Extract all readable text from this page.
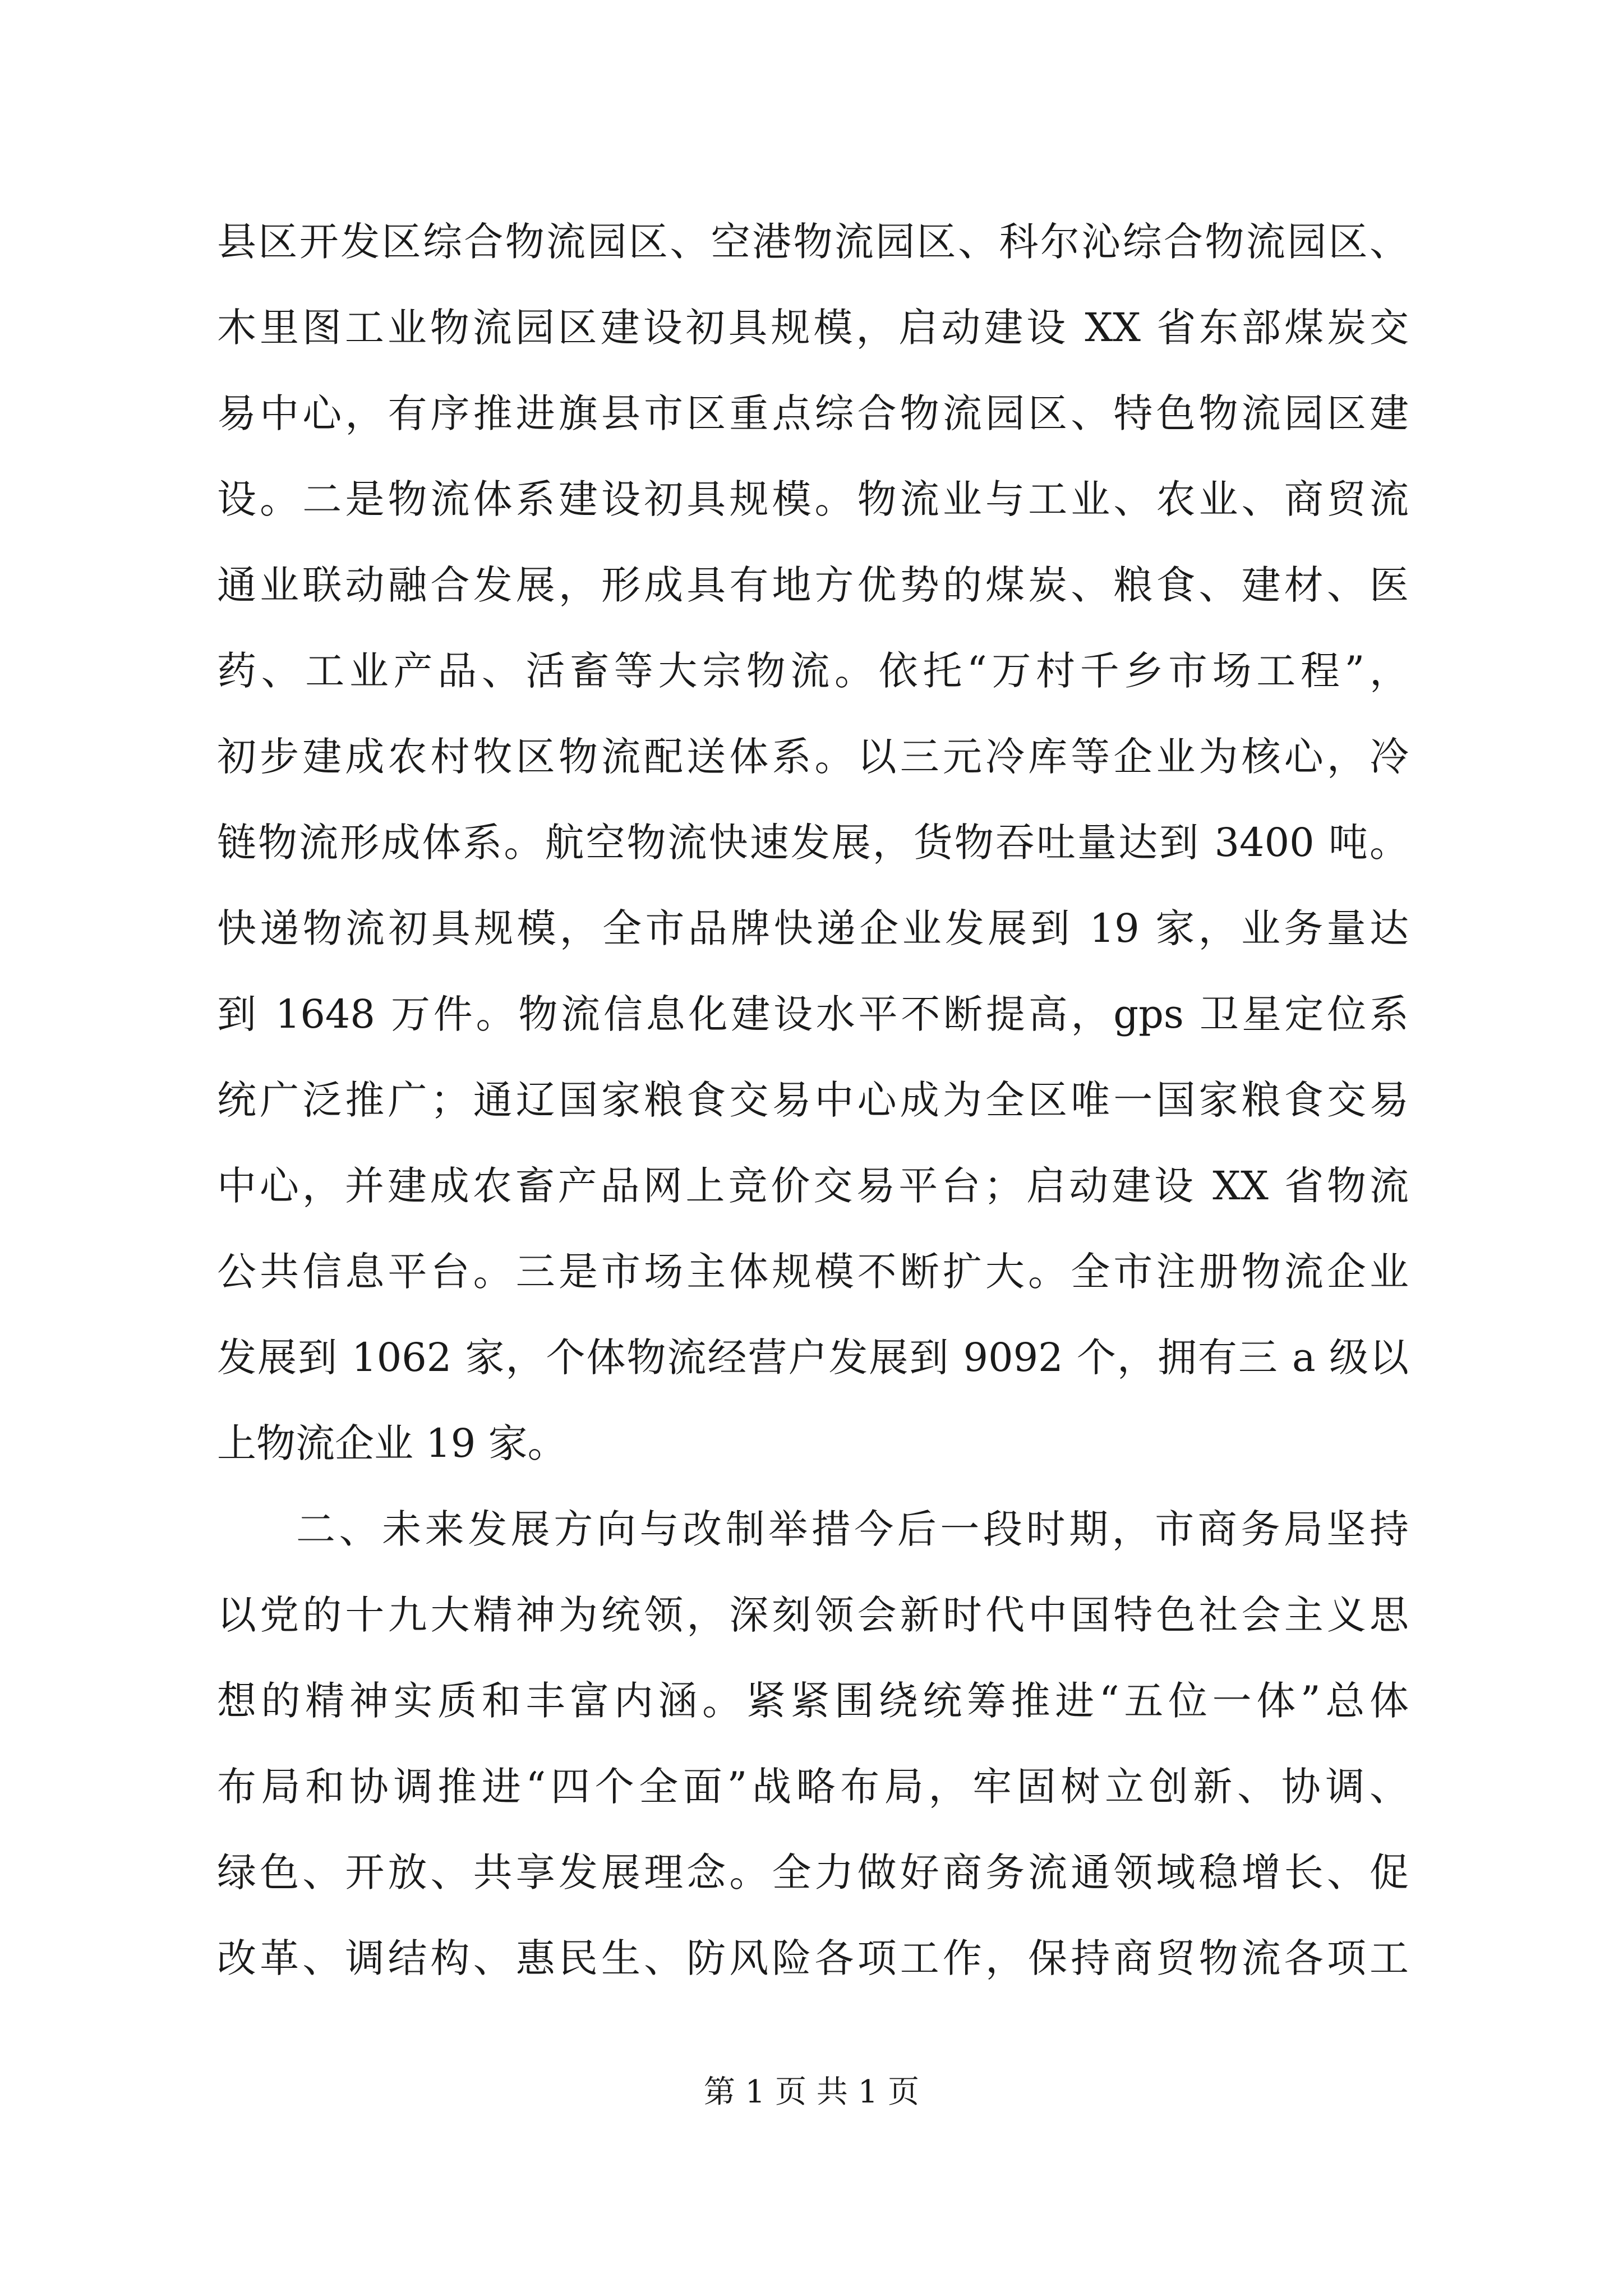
县区开发区综合物流园区、空港物流园区、科尔沁综合物流园区、
木里图工业物流园区建设初具规模，启动建设 XX 省东部煤炭交
易中心，有序推进旗县市区重点综合物流园区、特色物流园区建
设。二是物流体系建设初具规模。物流业与工业、农业、商贸流
通业联动融合发展，形成具有地方优势的煤炭、粮食、建材、医
药、工业产品、活畜等大宗物流。依托“万村千乡市场工程”，
初步建成农村牧区物流配送体系。以三元冷库等企业为核心，冷
链物流形成体系。航空物流快速发展，货物吞吐量达到 3400 吨。
快递物流初具规模，全市品牌快递企业发展到 19 家，业务量达
到 1648 万件。物流信息化建设水平不断提高，gps 卫星定位系
统广泛推广；通辽国家粮食交易中心成为全区唯一国家粮食交易
中心，并建成农畜产品网上竞价交易平台；启动建设 XX 省物流
公共信息平台。三是市场主体规模不断扩大。全市注册物流企业
发展到 1062 家，个体物流经营户发展到 9092 个，拥有三 a 级以
上物流企业 19 家。
二、未来发展方向与改制举措今后一段时期，市商务局坚持
以党的十九大精神为统领，深刻领会新时代中国特色社会主义思
想的精神实质和丰富内涵。紧紧围绕统筹推进“五位一体”总体
布局和协调推进“四个全面”战略布局，牢固树立创新、协调、
绿色、开放、共享发展理念。全力做好商务流通领域稳增长、促
改革、调结构、惠民生、防风险各项工作，保持商贸物流各项工
第 1 页 共 1 页
